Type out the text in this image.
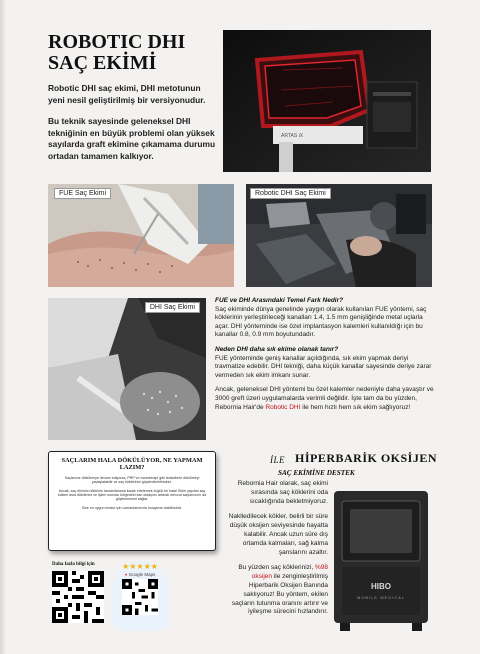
ROBOTIC DHI
SAÇ EKİMİ

Robotic DHI saç ekimi, DHI metotunun yeni nesil geliştirilmiş bir versiyonudur.

Bu teknik sayesinde geleneksel DHI tekniğinin en büyük problemi olan yüksek sayılarda graft ekimine çıkamama durumu ortadan tamamen kalkıyor.

ARTAS iX
FUE Saç Ekimi	Robotic DHI Saç Ekimi
DHI Saç Ekimi
FUE ve DHI Arasındaki Temel Fark Nedir?

Saç ekiminde dünya genelinde yaygın olarak kullanılan FUE yöntemi, saç köklerinin yerleştirileceği kanalları 1.4, 1.5 mm genişliğinde metal uçlarla açar. DHI yönteminde ise özel implantasyon kalemleri kullanıldığı için bu kanallar 0.8, 0.9 mm boyutundadır.

Neden DHI daha sık ekime olanak tanır?

FUE yönteminde geniş kanallar açıldığında, sık ekim yapmak deriyi travmatize edebilir. DHI tekniği, daha küçük kanallar sayesinde deriye zarar vermeden sık ekim imkanı sunar.

Ancak, geleneksel DHI yöntemi bu özel kalemler nedeniyle daha yavaştır ve 3000 greft üzeri uygulamalarda verimli değildir. İşte tam da bu yüzden, Rebornia Hair'de Robotic DHI ile hem hızlı hem sık ekim sağlıyoruz!

SAÇLARIM HALA DÖKÜLÜYOR, NE YAPMAM LAZIM?
Saçlarınız dökülmeye devam ediyorsa, PRP ve mezoterapi gibi tedavilerle dökülmeyi yavaşlatabilir ve saç köklerinizi güçlendirebilirsiniz.
Ancak, saç ekimini dökülme tamamlanana kadar ertelemek büyük bir hata! Ekim yapılan saç kökleri asla dökülmez ve işlem sonrası bölgedeki kan dolaşımı artarak mevcut saçlarınızın da güçlenmesini sağlar.
Size en uygun tedavi için uzmanlarımızla muayene olabilirsiniz.
Daha fazla bilgi için	★★★★★
● Google Maps
İLE HİPERBARİK OKSİJEN
SAÇ EKİMİNE DESTEK

Rebornia Hair olarak, saç ekimi sırasında saç köklerini oda sıcaklığında bekletmiyoruz.

Naklledilecek kökler, belirli bir süre düşük oksijen seviyesinde hayatta kalabilir. Ancak uzun süre dış ortamda kalmaları, sağ kalma şanslarını azaltır.

Bu yüzden saç köklerinizi, %98 oksijen ile zenginleştirilmiş Hiperbarik Oksijen Banında saklıyoruz! Bu yöntem, ekilen saçların tutunma oranını artırır ve iyileşme sürecini hızlandırır.

HIBO
MOBILE MEDICAL
